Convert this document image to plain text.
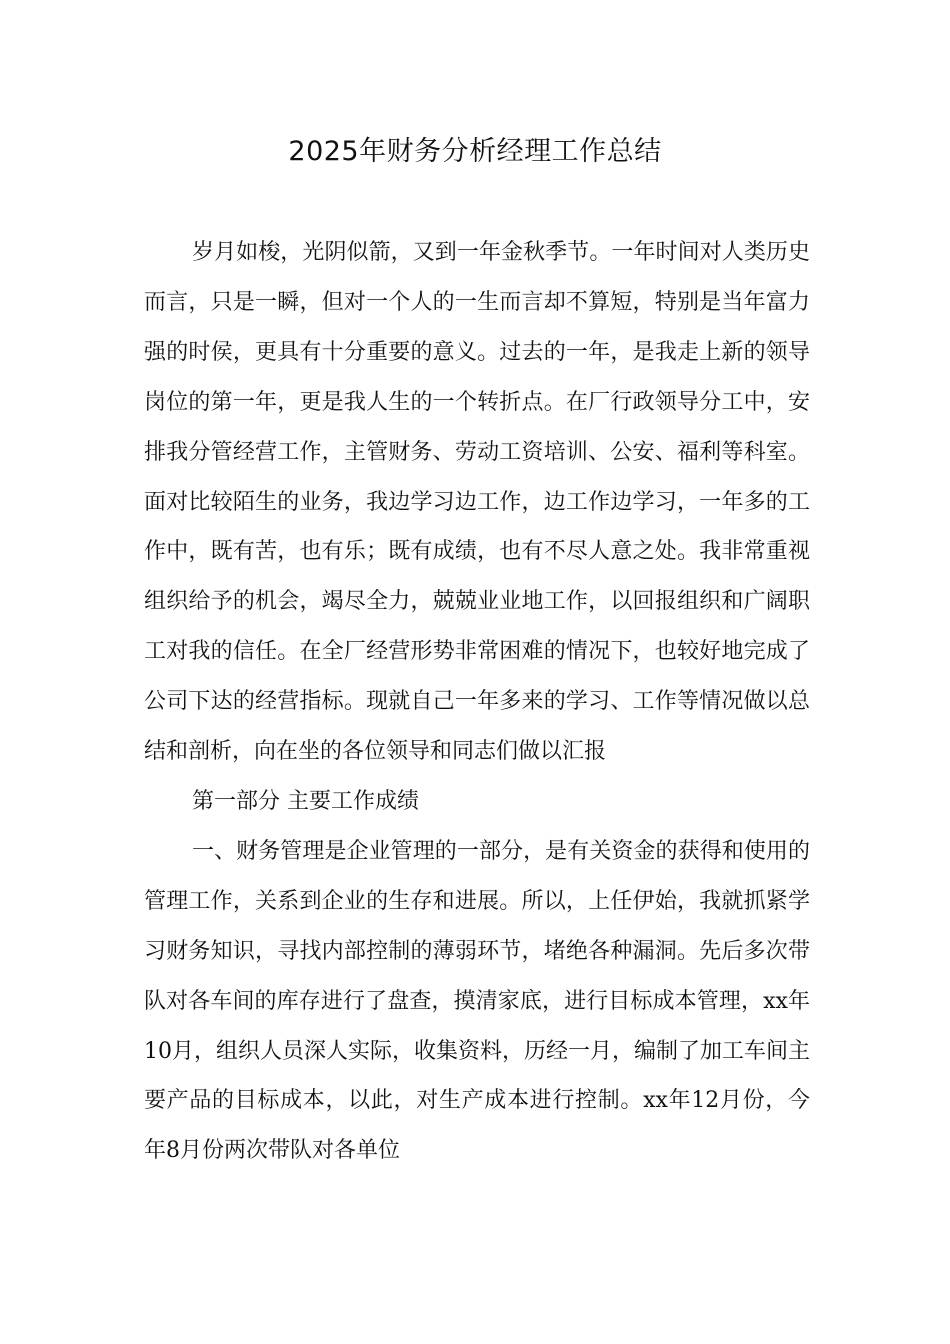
2025年财务分析经理工作总结

岁月如梭，光阴似箭，又到一年金秋季节。一年时间对人类历史而言，只是一瞬，但对一个人的一生而言却不算短，特别是当年富力强的时侯，更具有十分重要的意义。过去的一年，是我走上新的领导岗位的第一年，更是我人生的一个转折点。在厂行政领导分工中，安排我分管经营工作，主管财务、劳动工资培训、公安、福利等科室。面对比较陌生的业务，我边学习边工作，边工作边学习，一年多的工作中，既有苦，也有乐；既有成绩，也有不尽人意之处。我非常重视组织给予的机会，竭尽全力，兢兢业业地工作，以回报组织和广阔职工对我的信任。在全厂经营形势非常困难的情况下，也较好地完成了公司下达的经营指标。现就自己一年多来的学习、工作等情况做以总结和剖析，向在坐的各位领导和同志们做以汇报

第一部分 主要工作成绩

一、财务管理是企业管理的一部分，是有关资金的获得和使用的管理工作，关系到企业的生存和进展。所以，上任伊始，我就抓紧学习财务知识，寻找内部控制的薄弱环节，堵绝各种漏洞。先后多次带队对各车间的库存进行了盘查，摸清家底，进行目标成本管理，xx年10月，组织人员深人实际，收集资料，历经一月，编制了加工车间主要产品的目标成本，以此，对生产成本进行控制。xx年12月份，今年8月份两次带队对各单位
